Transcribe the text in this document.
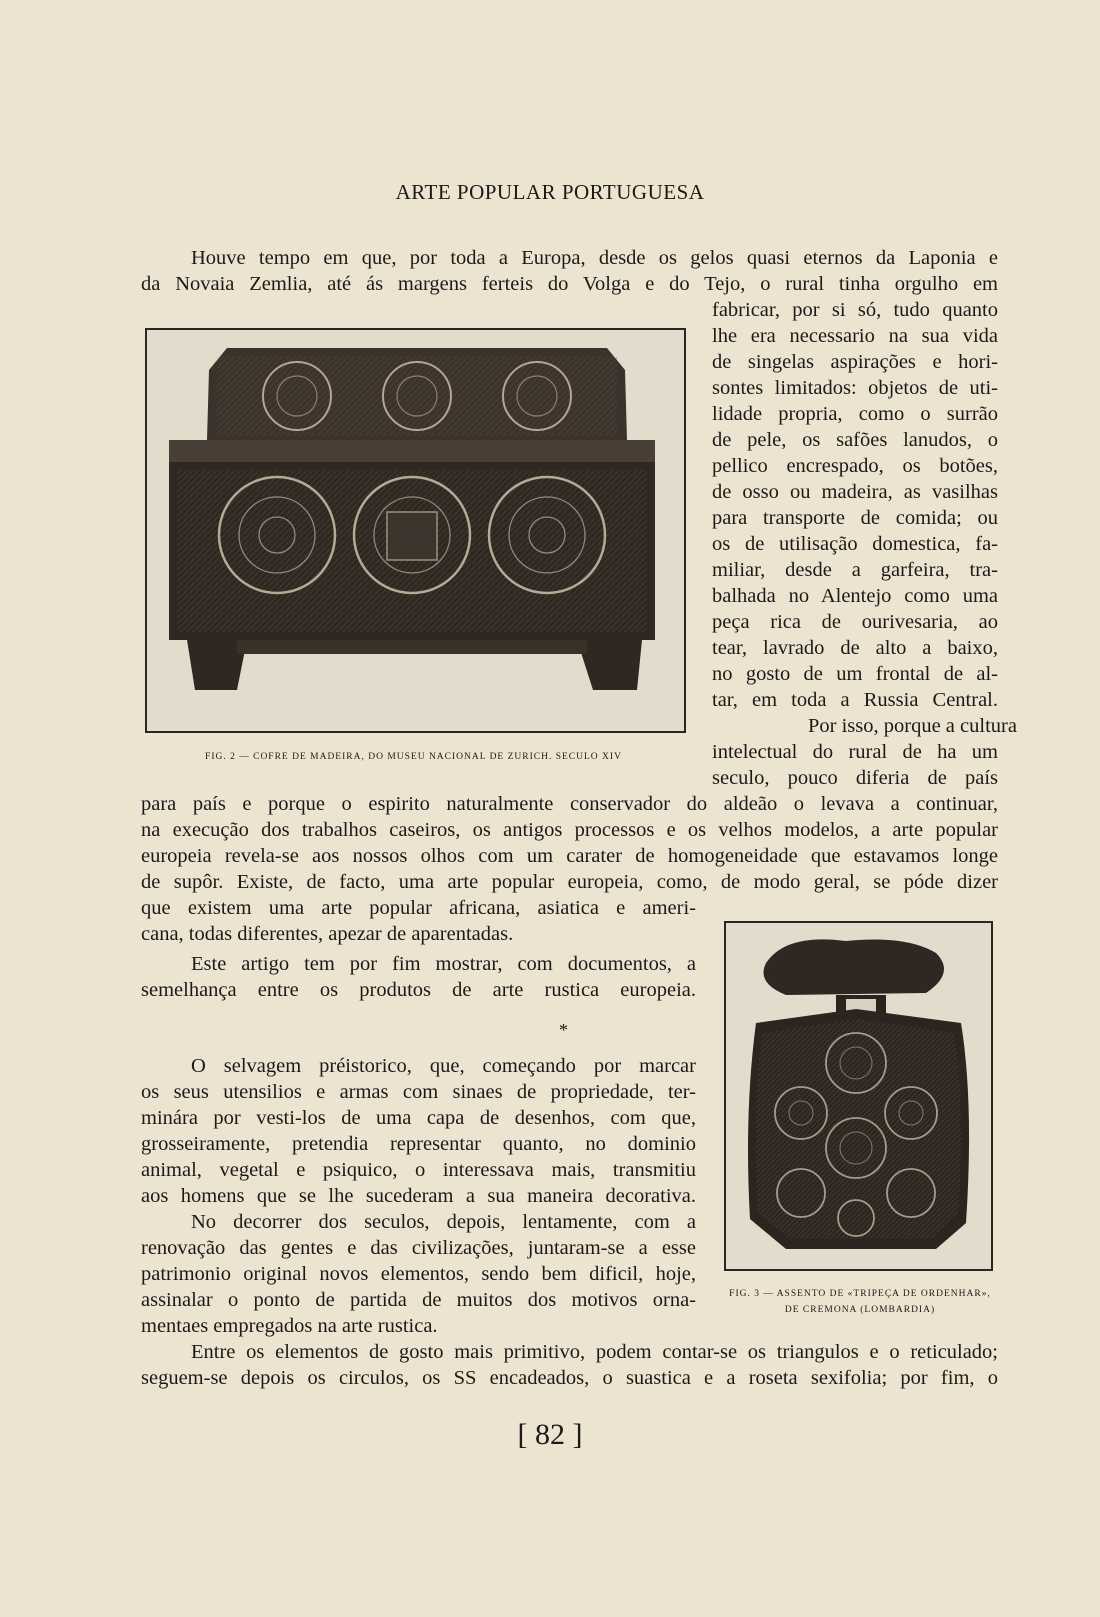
ARTE POPULAR PORTUGUESA
Houve tempo em que, por toda a Europa, desde os gelos quasi eternos da Laponia e
da Novaia Zemlia, até ás margens ferteis do Volga e do Tejo, o rural tinha orgulho em
fabricar, por si só, tudo quanto
lhe era necessario na sua vida
de singelas aspirações e hori-
sontes limitados: objetos de uti-
lidade propria, como o surrão
de pele, os safões lanudos, o
pellico encrespado, os botões,
de osso ou madeira, as vasilhas
para transporte de comida; ou
os de utilisação domestica, fa-
miliar, desde a garfeira, tra-
balhada no Alentejo como uma
peça rica de ourivesaria, ao
tear, lavrado de alto a baixo,
no gosto de um frontal de al-
tar, em toda a Russia Central.
Por isso, porque a cultura
intelectual do rural de ha um
seculo, pouco diferia de país
para país e porque o espirito naturalmente conservador do aldeão o levava a continuar,
na execução dos trabalhos caseiros, os antigos processos e os velhos modelos, a arte popular
europeia revela-se aos nossos olhos com um carater de homogeneidade que estavamos longe
de supôr. Existe, de facto, uma arte popular europeia, como, de modo geral, se póde dizer
que existem uma arte popular africana, asiatica e ameri-
cana, todas diferentes, apezar de aparentadas.
Este artigo tem por fim mostrar, com documentos, a
semelhança entre os produtos de arte rustica europeia.
*
O selvagem préistorico, que, começando por marcar
os seus utensilios e armas com sinaes de propriedade, ter-
minára por vesti-los de uma capa de desenhos, com que,
grosseiramente, pretendia representar quanto, no dominio
animal, vegetal e psiquico, o interessava mais, transmitiu
aos homens que se lhe sucederam a sua maneira decorativa.
No decorrer dos seculos, depois, lentamente, com a
renovação das gentes e das civilizações, juntaram-se a esse
patrimonio original novos elementos, sendo bem dificil, hoje,
assinalar o ponto de partida de muitos dos motivos orna-
mentaes empregados na arte rustica.
Entre os elementos de gosto mais primitivo, podem contar-se os triangulos e o reticulado;
seguem-se depois os circulos, os SS encadeados, o suastica e a roseta sexifolia; por fim, o
FIG. 2 — COFRE DE MADEIRA, DO MUSEU NACIONAL DE ZURICH. SECULO XIV
FIG. 3 — ASSENTO DE «TRIPEÇA DE ORDENHAR»,
DE CREMONA (LOMBARDIA)
[ 82 ]
